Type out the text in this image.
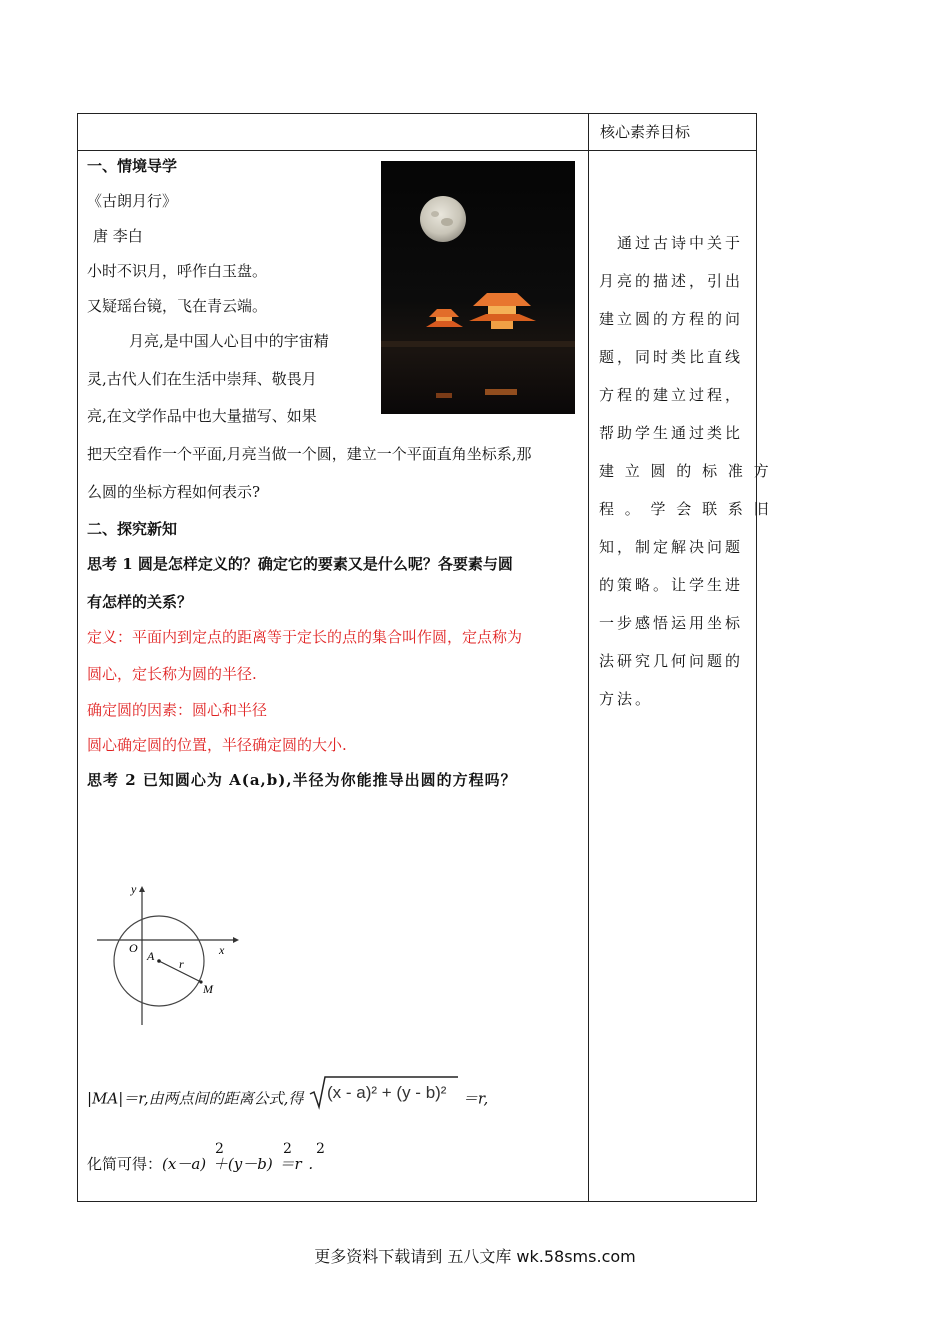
核心素养目标
一、情境导学
《古朗月行》
唐 李白
小时不识月，呼作白玉盘。
又疑瑶台镜，飞在青云端。
月亮,是中国人心目中的宇宙精
灵,古代人们在生活中崇拜、敬畏月
亮,在文学作品中也大量描写、如果
把天空看作一个平面,月亮当做一个圆，建立一个平面直角坐标系,那
么圆的坐标方程如何表示?
二、探究新知
思考 1 圆是怎样定义的？确定它的要素又是什么呢？各要素与圆
有怎样的关系？
定义：平面内到定点的距离等于定长的点的集合叫作圆，定点称为
圆心，定长称为圆的半径.
确定圆的因素：圆心和半径
圆心确定圆的位置，半径确定圆的大小.
思考 2 已知圆心为 A(a,b),半径为你能推导出圆的方程吗？
y
x
O
A
r
M
|MA|＝r,由两点间的距离公式,得 (x - a)² + (y - b)² ＝r,
化简可得：(x－a) ＋(y－b) ＝r .
2	2 2
　通过古诗中关于
月亮的描述，引出
建立圆的方程的问
题，同时类比直线
方程的建立过程，
帮助学生通过类比
建 立 圆 的 标 准 方
程 。 学 会 联 系 旧
知，制定解决问题
的策略。让学生进
一步感悟运用坐标
法研究几何问题的
方法。
更多资料下载请到 五八文库 wk.58sms.com
